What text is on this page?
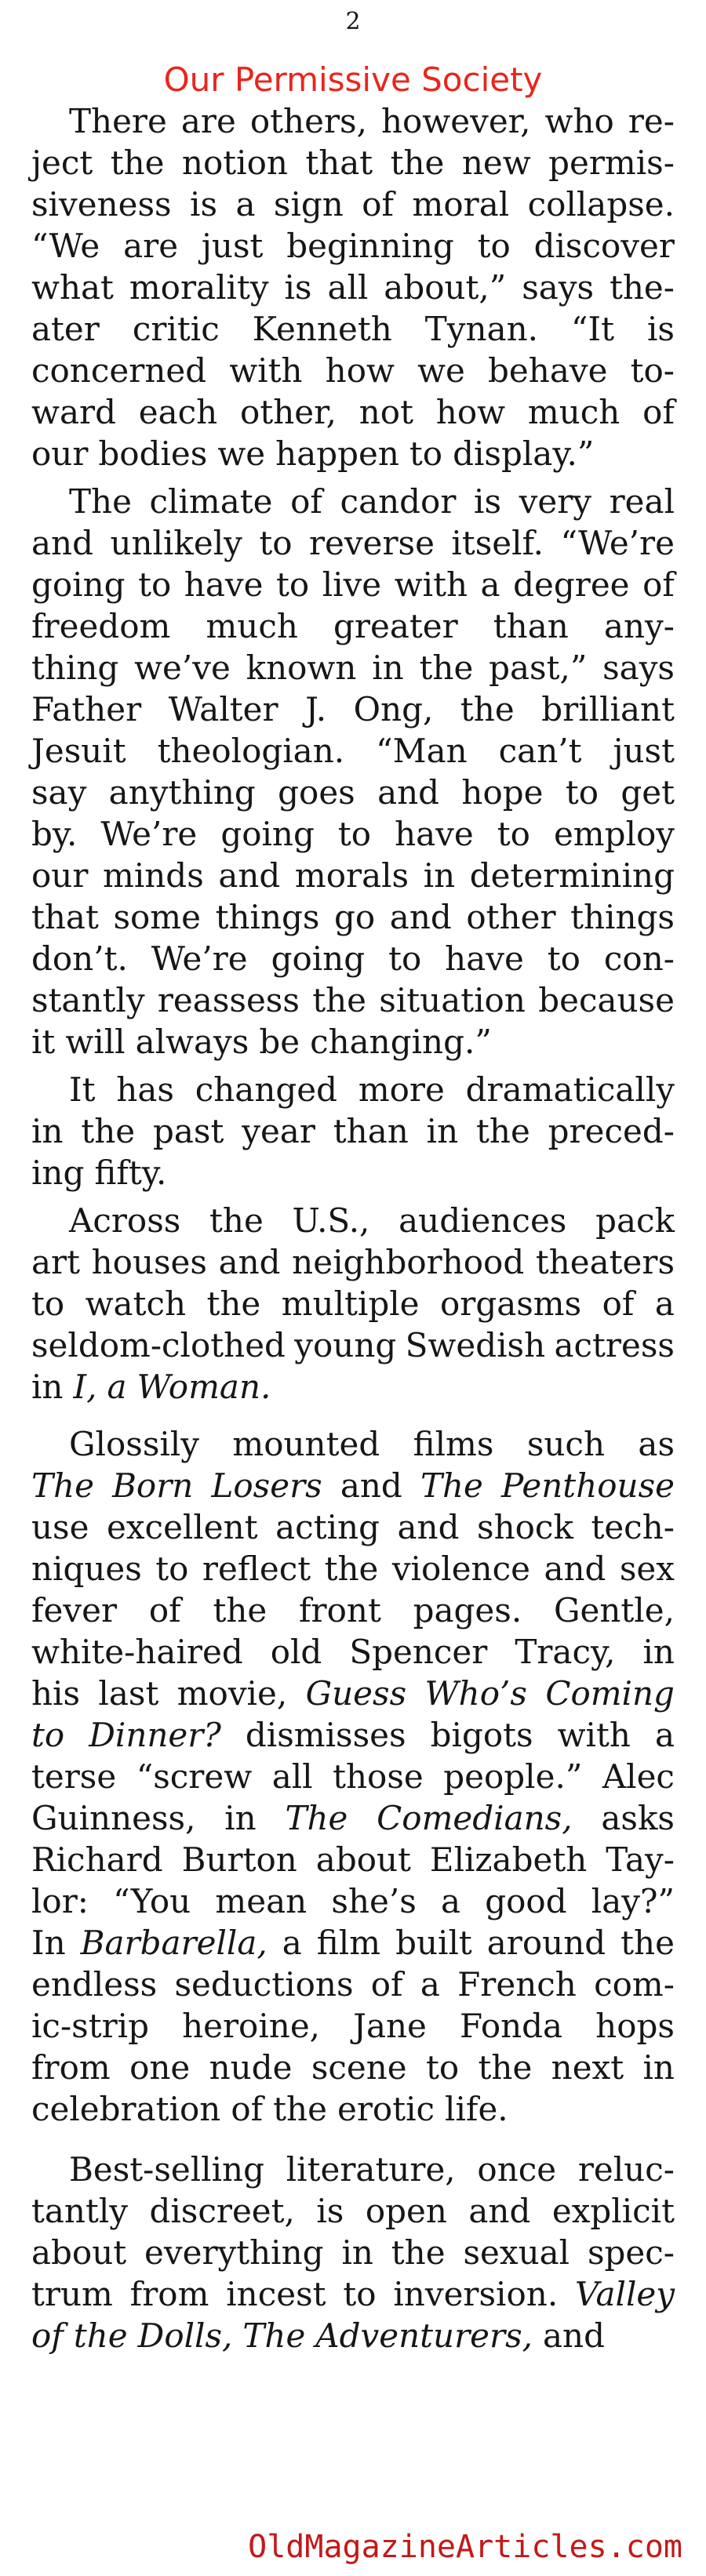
2
Our Permissive Society
There are others, however, who re-
ject the notion that the new permis-
siveness is a sign of moral collapse.
“We are just beginning to discover
what morality is all about,” says the-
ater critic Kenneth Tynan. “It is
concerned with how we behave to-
ward each other, not how much of
our bodies we happen to display.”
The climate of candor is very real
and unlikely to reverse itself. “We’re
going to have to live with a degree of
freedom much greater than any-
thing we’ve known in the past,” says
Father Walter J. Ong, the brilliant
Jesuit theologian. “Man can’t just
say anything goes and hope to get
by. We’re going to have to employ
our minds and morals in determining
that some things go and other things
don’t. We’re going to have to con-
stantly reassess the situation because
it will always be changing.”
It has changed more dramatically
in the past year than in the preced-
ing fifty.
Across the U.S., audiences pack
art houses and neighborhood theaters
to watch the multiple orgasms of a
seldom-clothed young Swedish actress
in I, a Woman.
Glossily mounted films such as
The Born Losers and The Penthouse
use excellent acting and shock tech-
niques to reflect the violence and sex
fever of the front pages. Gentle,
white-haired old Spencer Tracy, in
his last movie, Guess Who’s Coming
to Dinner? dismisses bigots with a
terse “screw all those people.” Alec
Guinness, in The Comedians, asks
Richard Burton about Elizabeth Tay-
lor: “You mean she’s a good lay?”
In Barbarella, a film built around the
endless seductions of a French com-
ic-strip heroine, Jane Fonda hops
from one nude scene to the next in
celebration of the erotic life.
Best-selling literature, once reluc-
tantly discreet, is open and explicit
about everything in the sexual spec-
trum from incest to inversion. Valley
of the Dolls, The Adventurers, and
OldMagazineArticles.com
